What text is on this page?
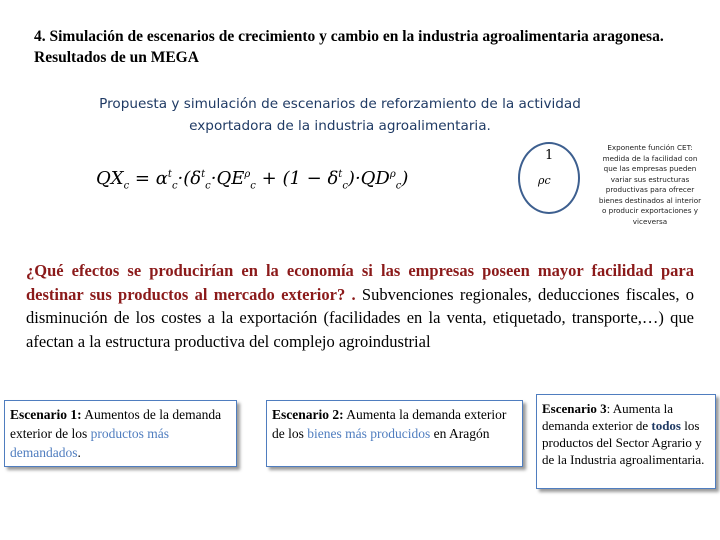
4. Simulación de escenarios de crecimiento y cambio en la industria agroalimentaria aragonesa. Resultados de un MEGA
Propuesta y simulación de escenarios de reforzamiento de la actividad
exportadora de la industria agroalimentaria.
$QX_c = \alpha^t_c\cdot(\delta^t_c\cdot QE^\rho_c + (1 - \delta^t_c)\cdot QD^\rho_c)$
1
ρc
Exponente función CET: medida de la facilidad con que las empresas pueden variar sus estructuras productivas para ofrecer bienes destinados al interior o producir exportaciones y viceversa
¿Qué efectos se producirían en la economía si las empresas poseen mayor facilidad para destinar sus productos al mercado exterior? . Subvenciones regionales, deducciones fiscales, o disminución de los costes a la exportación (facilidades en la venta, etiquetado, transporte,…) que afectan a la estructura productiva del complejo agroindustrial
Escenario 1: Aumentos de la demanda exterior de los productos más demandados.
Escenario 2: Aumenta la demanda exterior de los bienes más producidos en Aragón
Escenario 3: Aumenta la demanda exterior de todos los productos del Sector Agrario y de la Industria agroalimentaria.
